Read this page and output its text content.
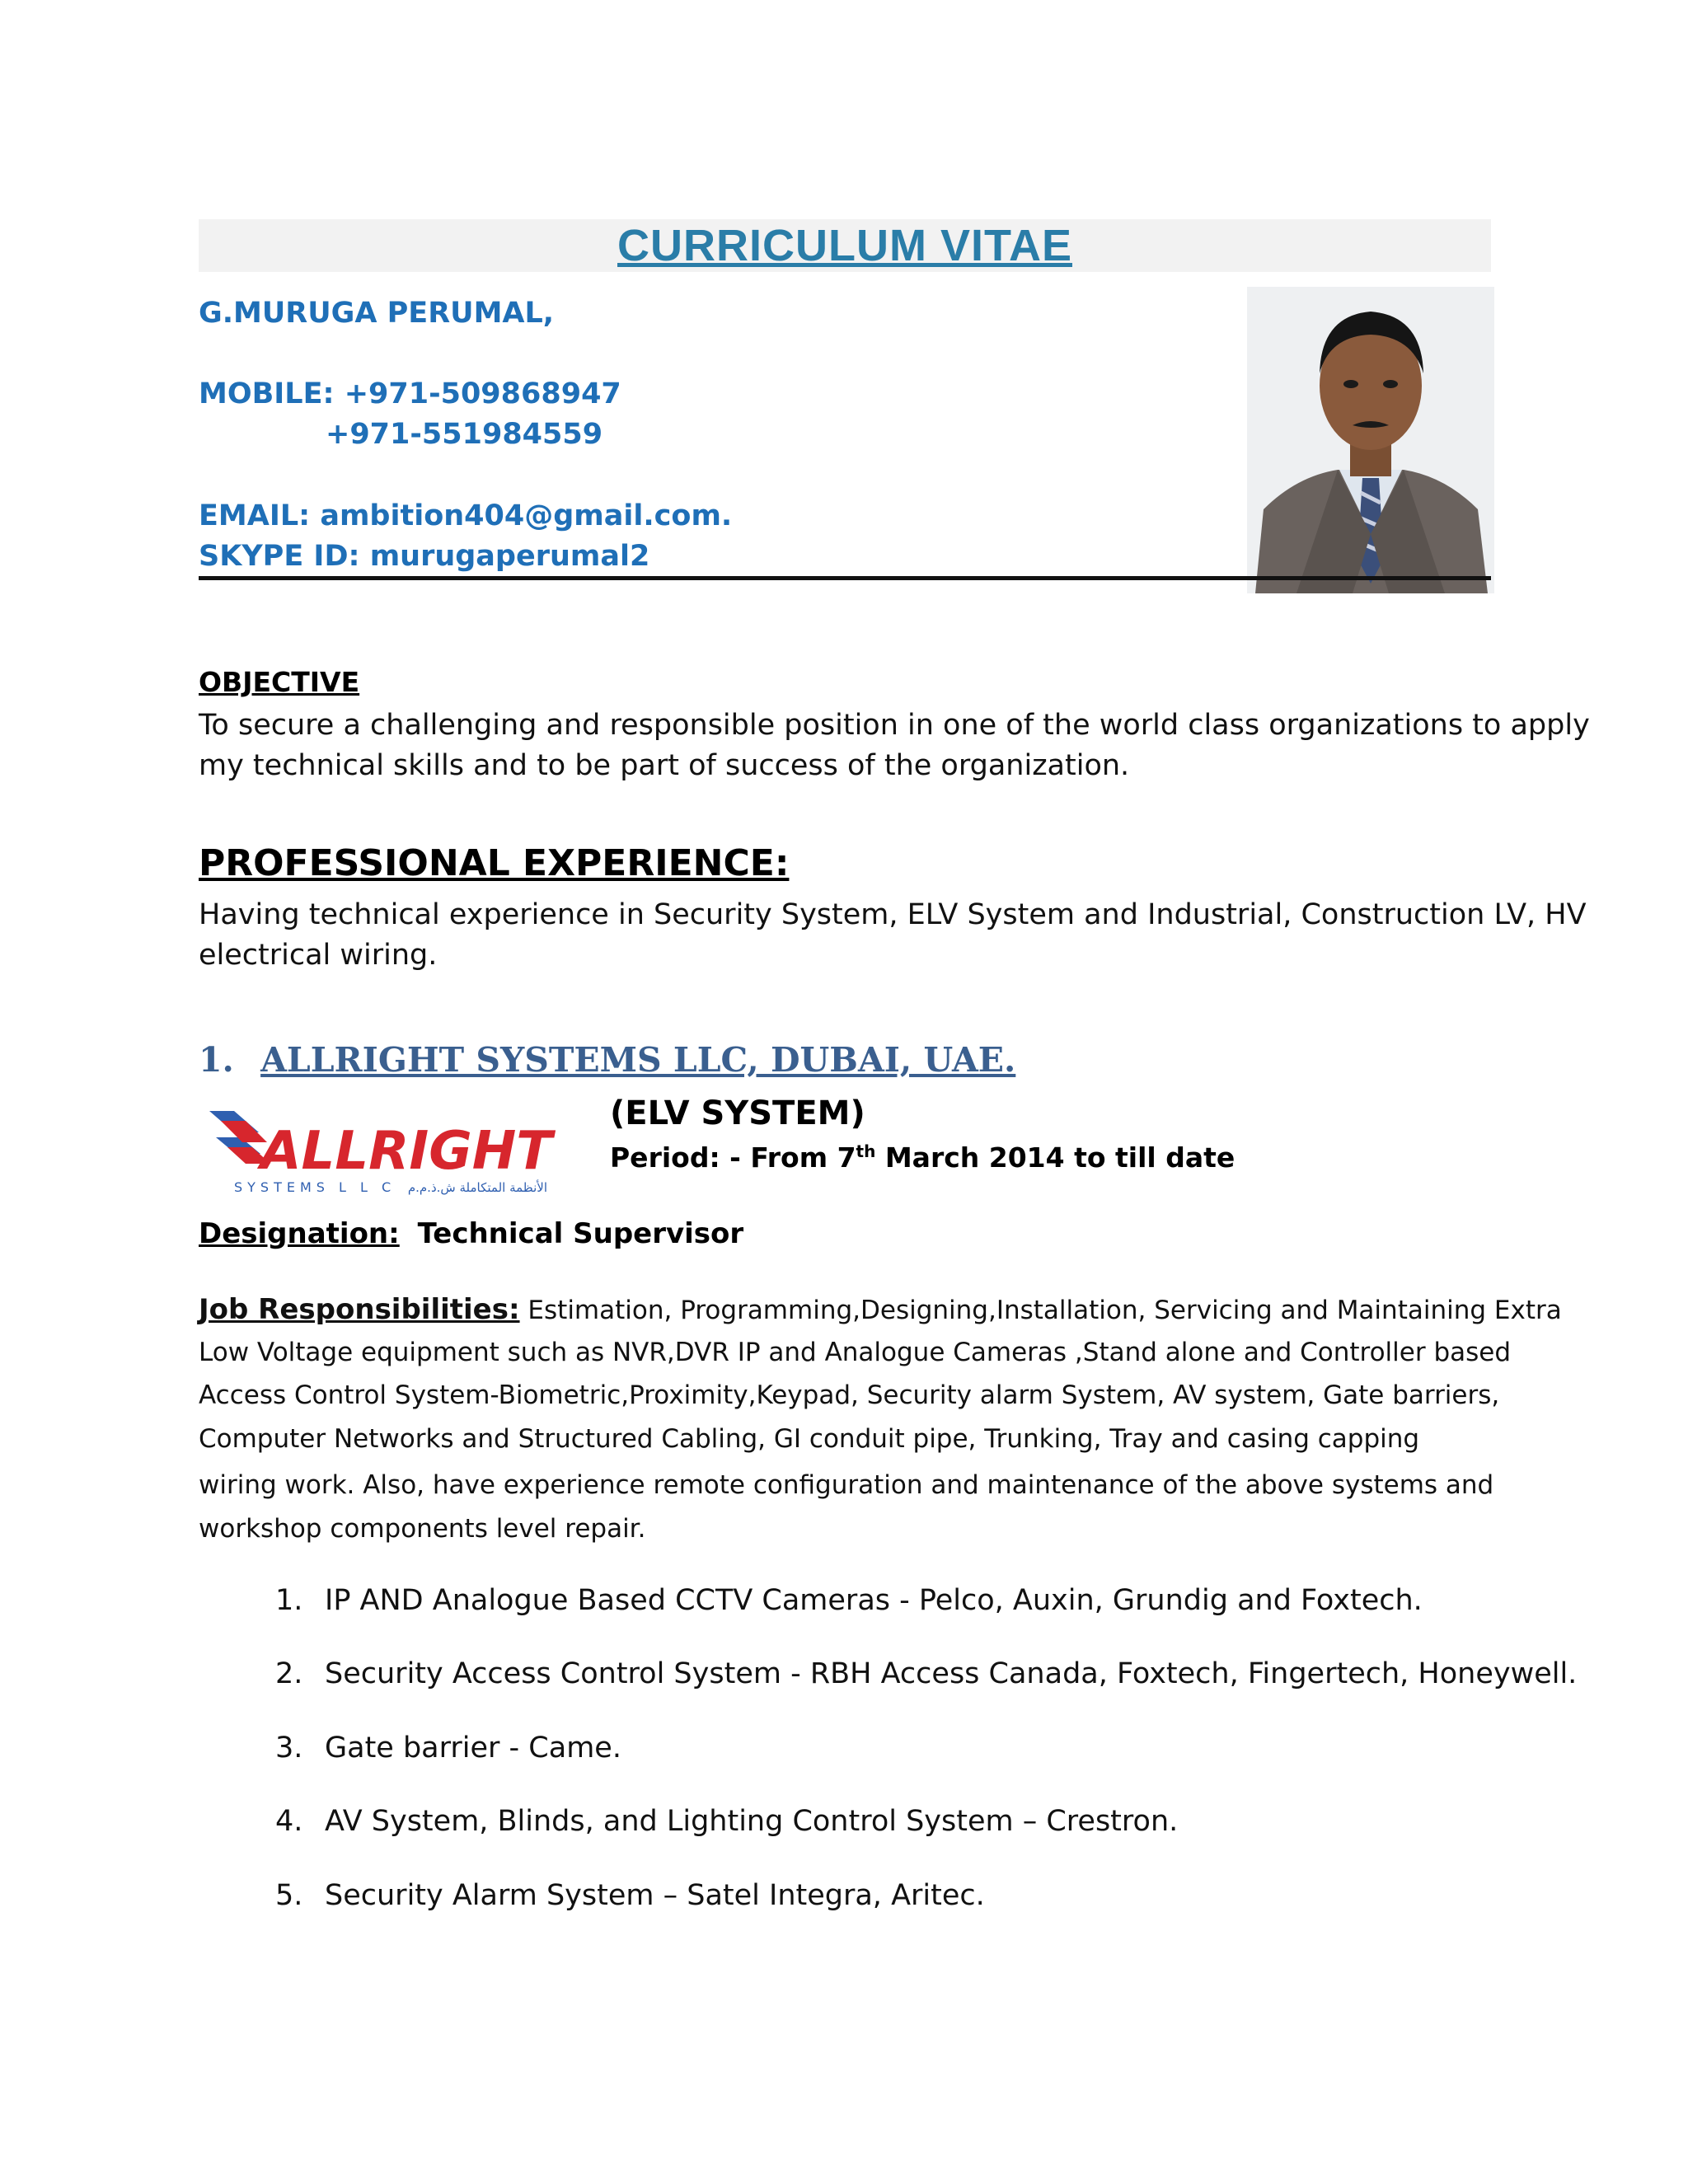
CURRICULUM VITAE
G.MURUGA PERUMAL,
MOBILE: +971-509868947
+971-551984559
EMAIL: ambition404@gmail.com.
SKYPE ID: murugaperumal2
OBJECTIVE
To secure a challenging and responsible position in one of the world class organizations to apply
my technical skills and to be part of success of the organization.
PROFESSIONAL EXPERIENCE:
Having technical experience in Security System, ELV System and Industrial, Construction LV, HV
electrical wiring.
1. ALLRIGHT SYSTEMS LLC, DUBAI, UAE.
ALLRIGHT
SYSTEMS L L C الأنظمة المتكاملة ش.ذ.م.م
(ELV SYSTEM)
Period: - From 7th March 2014 to till date
Designation: Technical Supervisor
Job Responsibilities: Estimation, Programming,Designing,Installation, Servicing and Maintaining Extra
Low Voltage equipment such as NVR,DVR IP and Analogue Cameras ,Stand alone and Controller based
Access Control System-Biometric,Proximity,Keypad, Security alarm System, AV system, Gate barriers,
Computer Networks and Structured Cabling, GI conduit pipe, Trunking, Tray and casing capping
wiring work. Also, have experience remote configuration and maintenance of the above systems and
workshop components level repair.
1. IP AND Analogue Based CCTV Cameras - Pelco, Auxin, Grundig and Foxtech.
2. Security Access Control System - RBH Access Canada, Foxtech, Fingertech, Honeywell.
3. Gate barrier - Came.
4. AV System, Blinds, and Lighting Control System – Crestron.
5. Security Alarm System – Satel Integra, Aritec.
